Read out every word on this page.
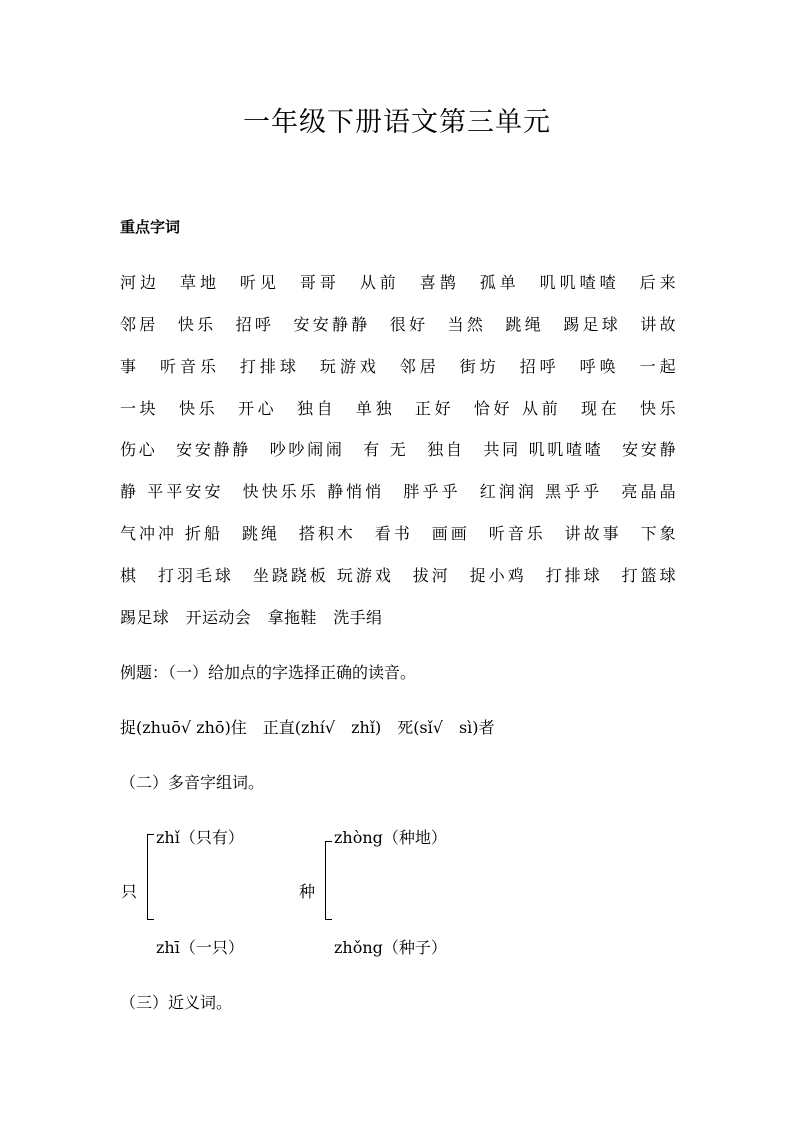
一年级下册语文第三单元
重点字词
河边　草地　听见　哥哥　从前　喜鹊　孤单　叽叽喳喳　后来
邻居　快乐　招呼　安安静静　很好　当然　跳绳　踢足球　讲故
事　听音乐　打排球　玩游戏　邻居　街坊　招呼　呼唤　一起
一块　快乐　开心　独自　单独　正好　恰好 从前　现在　快乐
伤心　安安静静　吵吵闹闹　有 无　独自　共同 叽叽喳喳　安安静
静 平平安安　快快乐乐 静悄悄　胖乎乎　红润润 黑乎乎　亮晶晶
气冲冲 折船　跳绳　搭积木　看书　画画　听音乐　讲故事　下象
棋　打羽毛球　坐跷跷板 玩游戏　拔河　捉小鸡　打排球　打篮球
踢足球　开运动会　拿拖鞋　洗手绢
例题：（一）给加点的字选择正确的读音。
捉(zhuō√ zhō)住　正直(zhí√　zhǐ)　死(sǐ√　sì)者
（二）多音字组词。
只
zhǐ（只有）
zhī（一只）
种
zhòng（种地）
zhǒng（种子）
（三）近义词。
